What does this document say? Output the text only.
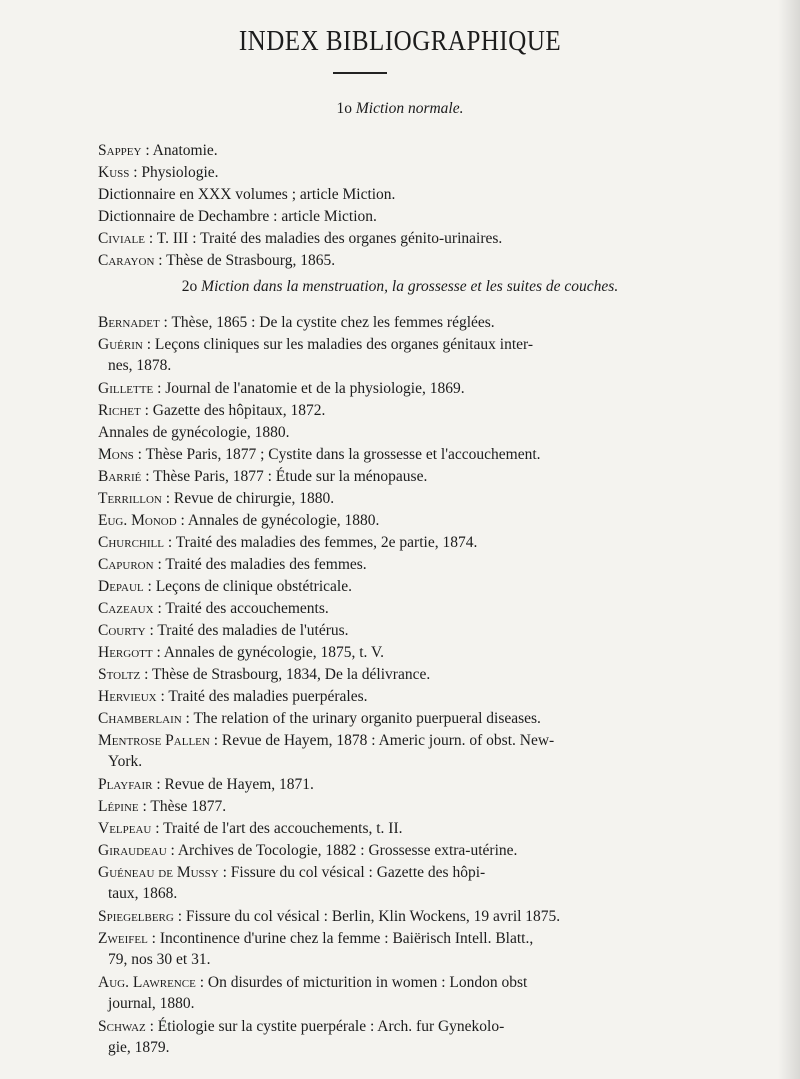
INDEX BIBLIOGRAPHIQUE
1o Miction normale.
2o Miction dans la menstruation, la grossesse et les suites de couches.
Sappey : Anatomie.
Kuss : Physiologie.
Dictionnaire en XXX volumes ; article Miction.
Dictionnaire de Dechambre : article Miction.
Civiale : T. III : Traité des maladies des organes génito-urinaires.
Carayon : Thèse de Strasbourg, 1865.
Bernadet : Thèse, 1865 : De la cystite chez les femmes réglées.
Guérin : Leçons cliniques sur les maladies des organes génitaux inter-
nes, 1878.
Gillette : Journal de l'anatomie et de la physiologie, 1869.
Richet : Gazette des hôpitaux, 1872.
Annales de gynécologie, 1880.
Mons : Thèse Paris, 1877 ; Cystite dans la grossesse et l'accouchement.
Barrié : Thèse Paris, 1877 : Étude sur la ménopause.
Terrillon : Revue de chirurgie, 1880.
Eug. Monod : Annales de gynécologie, 1880.
Churchill : Traité des maladies des femmes, 2e partie, 1874.
Capuron : Traité des maladies des femmes.
Depaul : Leçons de clinique obstétricale.
Cazeaux : Traité des accouchements.
Courty : Traité des maladies de l'utérus.
Hergott : Annales de gynécologie, 1875, t. V.
Stoltz : Thèse de Strasbourg, 1834, De la délivrance.
Hervieux : Traité des maladies puerpérales.
Chamberlain : The relation of the urinary organito puerpueral diseases.
Mentrose Pallen : Revue de Hayem, 1878 : Americ journ. of obst. New-
York.
Playfair : Revue de Hayem, 1871.
Lépine : Thèse 1877.
Velpeau : Traité de l'art des accouchements, t. II.
Giraudeau : Archives de Tocologie, 1882 : Grossesse extra-utérine.
Guéneau de Mussy : Fissure du col vésical : Gazette des hôpi-
taux, 1868.
Spiegelberg : Fissure du col vésical : Berlin, Klin Wockens, 19 avril 1875.
Zweifel : Incontinence d'urine chez la femme : Baiërisch Intell. Blatt.,
79, nos 30 et 31.
Aug. Lawrence : On disurdes of micturition in women : London obst
journal, 1880.
Schwaz : Étiologie sur la cystite puerpérale : Arch. fur Gynekolo-
gie, 1879.
